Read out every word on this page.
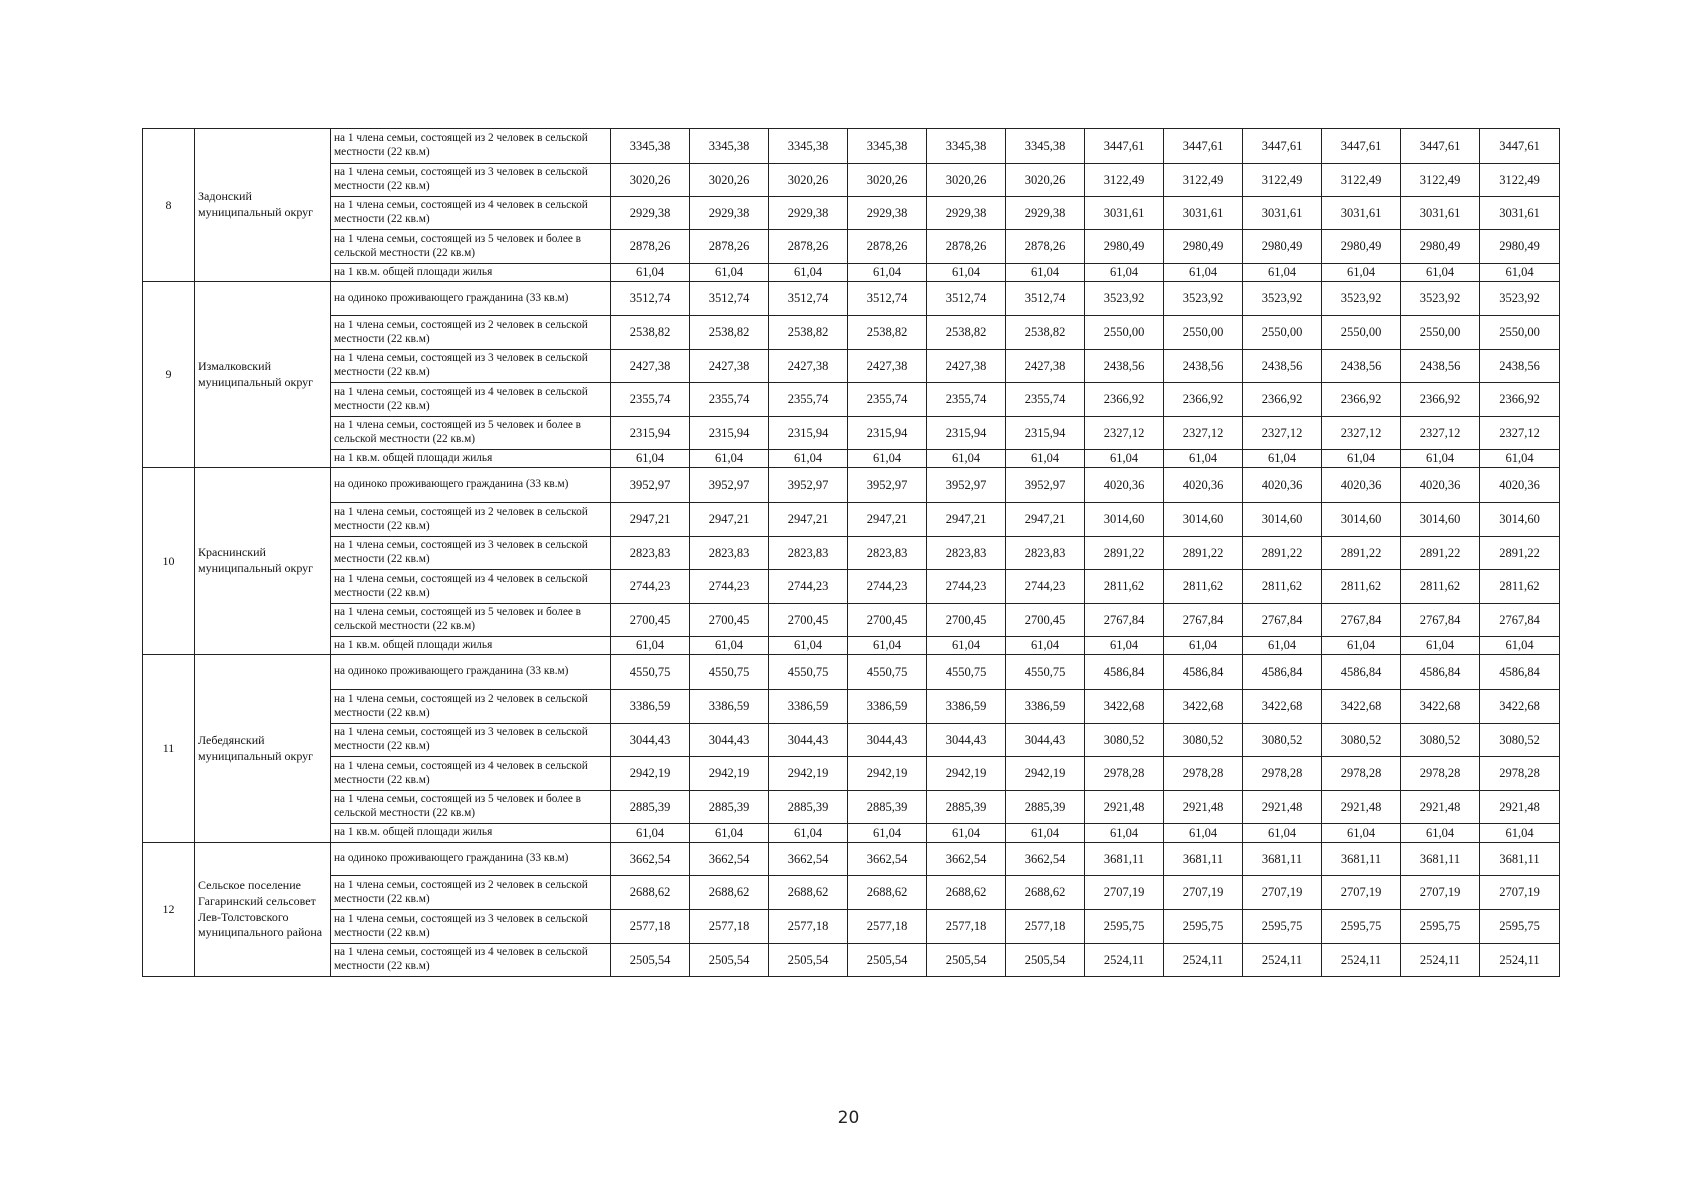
8	Задонский муниципальный округ	на 1 члена семьи, состоящей из 2 человек в сельской местности (22 кв.м)	3345,38	3345,38	3345,38	3345,38	3345,38	3345,38	3447,61	3447,61	3447,61	3447,61	3447,61	3447,61
		на 1 члена семьи, состоящей из 3 человек в сельской местности (22 кв.м)	3020,26	3020,26	3020,26	3020,26	3020,26	3020,26	3122,49	3122,49	3122,49	3122,49	3122,49	3122,49
		на 1 члена семьи, состоящей из 4 человек в сельской местности (22 кв.м)	2929,38	2929,38	2929,38	2929,38	2929,38	2929,38	3031,61	3031,61	3031,61	3031,61	3031,61	3031,61
		на 1 члена семьи, состоящей из 5 человек и более в сельской местности (22 кв.м)	2878,26	2878,26	2878,26	2878,26	2878,26	2878,26	2980,49	2980,49	2980,49	2980,49	2980,49	2980,49
		на 1 кв.м. общей площади жилья	61,04	61,04	61,04	61,04	61,04	61,04	61,04	61,04	61,04	61,04	61,04	61,04
9	Измалковский муниципальный округ	на одиноко проживающего гражданина (33 кв.м)	3512,74	3512,74	3512,74	3512,74	3512,74	3512,74	3523,92	3523,92	3523,92	3523,92	3523,92	3523,92
		на 1 члена семьи, состоящей из 2 человек в сельской местности (22 кв.м)	2538,82	2538,82	2538,82	2538,82	2538,82	2538,82	2550,00	2550,00	2550,00	2550,00	2550,00	2550,00
		на 1 члена семьи, состоящей из 3 человек в сельской местности (22 кв.м)	2427,38	2427,38	2427,38	2427,38	2427,38	2427,38	2438,56	2438,56	2438,56	2438,56	2438,56	2438,56
		на 1 члена семьи, состоящей из 4 человек в сельской местности (22 кв.м)	2355,74	2355,74	2355,74	2355,74	2355,74	2355,74	2366,92	2366,92	2366,92	2366,92	2366,92	2366,92
		на 1 члена семьи, состоящей из 5 человек и более в сельской местности (22 кв.м)	2315,94	2315,94	2315,94	2315,94	2315,94	2315,94	2327,12	2327,12	2327,12	2327,12	2327,12	2327,12
		на 1 кв.м. общей площади жилья	61,04	61,04	61,04	61,04	61,04	61,04	61,04	61,04	61,04	61,04	61,04	61,04
10	Краснинский муниципальный округ	на одиноко проживающего гражданина (33 кв.м)	3952,97	3952,97	3952,97	3952,97	3952,97	3952,97	4020,36	4020,36	4020,36	4020,36	4020,36	4020,36
		на 1 члена семьи, состоящей из 2 человек в сельской местности (22 кв.м)	2947,21	2947,21	2947,21	2947,21	2947,21	2947,21	3014,60	3014,60	3014,60	3014,60	3014,60	3014,60
		на 1 члена семьи, состоящей из 3 человек в сельской местности (22 кв.м)	2823,83	2823,83	2823,83	2823,83	2823,83	2823,83	2891,22	2891,22	2891,22	2891,22	2891,22	2891,22
		на 1 члена семьи, состоящей из 4 человек в сельской местности (22 кв.м)	2744,23	2744,23	2744,23	2744,23	2744,23	2744,23	2811,62	2811,62	2811,62	2811,62	2811,62	2811,62
		на 1 члена семьи, состоящей из 5 человек и более в сельской местности (22 кв.м)	2700,45	2700,45	2700,45	2700,45	2700,45	2700,45	2767,84	2767,84	2767,84	2767,84	2767,84	2767,84
		на 1 кв.м. общей площади жилья	61,04	61,04	61,04	61,04	61,04	61,04	61,04	61,04	61,04	61,04	61,04	61,04
11	Лебедянский муниципальный округ	на одиноко проживающего гражданина (33 кв.м)	4550,75	4550,75	4550,75	4550,75	4550,75	4550,75	4586,84	4586,84	4586,84	4586,84	4586,84	4586,84
		на 1 члена семьи, состоящей из 2 человек в сельской местности (22 кв.м)	3386,59	3386,59	3386,59	3386,59	3386,59	3386,59	3422,68	3422,68	3422,68	3422,68	3422,68	3422,68
		на 1 члена семьи, состоящей из 3 человек в сельской местности (22 кв.м)	3044,43	3044,43	3044,43	3044,43	3044,43	3044,43	3080,52	3080,52	3080,52	3080,52	3080,52	3080,52
		на 1 члена семьи, состоящей из 4 человек в сельской местности (22 кв.м)	2942,19	2942,19	2942,19	2942,19	2942,19	2942,19	2978,28	2978,28	2978,28	2978,28	2978,28	2978,28
		на 1 члена семьи, состоящей из 5 человек и более в сельской местности (22 кв.м)	2885,39	2885,39	2885,39	2885,39	2885,39	2885,39	2921,48	2921,48	2921,48	2921,48	2921,48	2921,48
		на 1 кв.м. общей площади жилья	61,04	61,04	61,04	61,04	61,04	61,04	61,04	61,04	61,04	61,04	61,04	61,04
12	Сельское поселение Гагаринский сельсовет Лев-Толстовского муниципального района	на одиноко проживающего гражданина (33 кв.м)	3662,54	3662,54	3662,54	3662,54	3662,54	3662,54	3681,11	3681,11	3681,11	3681,11	3681,11	3681,11
		на 1 члена семьи, состоящей из 2 человек в сельской местности (22 кв.м)	2688,62	2688,62	2688,62	2688,62	2688,62	2688,62	2707,19	2707,19	2707,19	2707,19	2707,19	2707,19
		на 1 члена семьи, состоящей из 3 человек в сельской местности (22 кв.м)	2577,18	2577,18	2577,18	2577,18	2577,18	2577,18	2595,75	2595,75	2595,75	2595,75	2595,75	2595,75
		на 1 члена семьи, состоящей из 4 человек в сельской местности (22 кв.м)	2505,54	2505,54	2505,54	2505,54	2505,54	2505,54	2524,11	2524,11	2524,11	2524,11	2524,11	2524,11
20
